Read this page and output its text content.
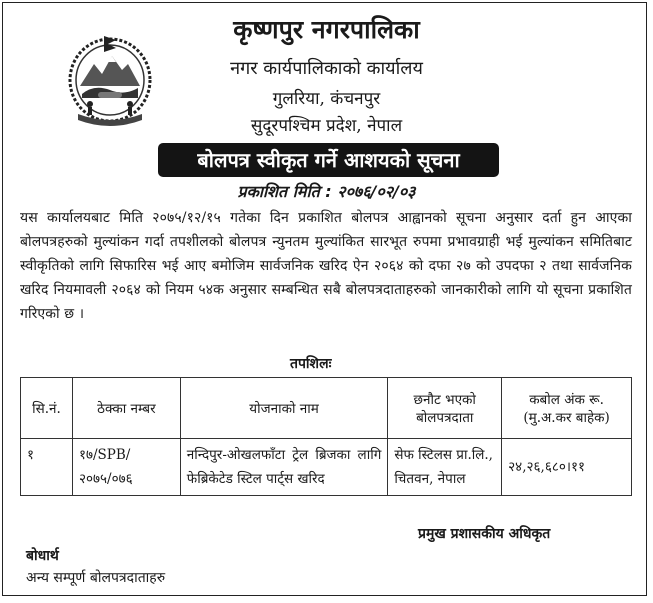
कृष्णपुर नगरपालिका
नगर कार्यपालिकाको कार्यालय
गुलरिया, कंचनपुर
सुदूरपश्चिम प्रदेश, नेपाल
बोलपत्र स्वीकृत गर्ने आशयको सूचना
प्रकाशित मिति : २०७६/०२/०३
यस कार्यालयबाट मिति २०७५/१२/१५ गतेका दिन प्रकाशित बोलपत्र आह्वानको सूचना अनुसार दर्ता हुन आएका बोलपत्रहरुको मुल्यांकन गर्दा तपशीलको बोलपत्र न्युनतम मुल्यांकित सारभूत रुपमा प्रभावग्राही भई मुल्यांकन समितिबाट स्वीकृतिको लागि सिफारिस भई आए बमोजिम सार्वजनिक खरिद ऐन २०६४ को दफा २७ को उपदफा २ तथा सार्वजनिक खरिद नियमावली २०६४ को नियम ५४क अनुसार सम्बन्धित सबै बोलपत्रदाताहरुको जानकारीको लागि यो सूचना प्रकाशित गरिएको छ ।
तपशिलः
सि.नं.	ठेक्का नम्बर	योजनाको नाम	छनौट भएको बोलपत्रदाता	कबोल अंक रू. (मु.अ.कर बाहेक)
१	१७/SPB/ २०७५/०७६	नन्दिपुर-ओखलफाँटा ट्रेल ब्रिजका लागि फेब्रिकेटेड स्टिल पार्ट्स खरिद	सेफ स्टिलस प्रा.लि., चितवन, नेपाल	२४,२६,६८०।११
प्रमुख प्रशासकीय अधिकृत
बोधार्थ
अन्य सम्पूर्ण बोलपत्रदाताहरु
